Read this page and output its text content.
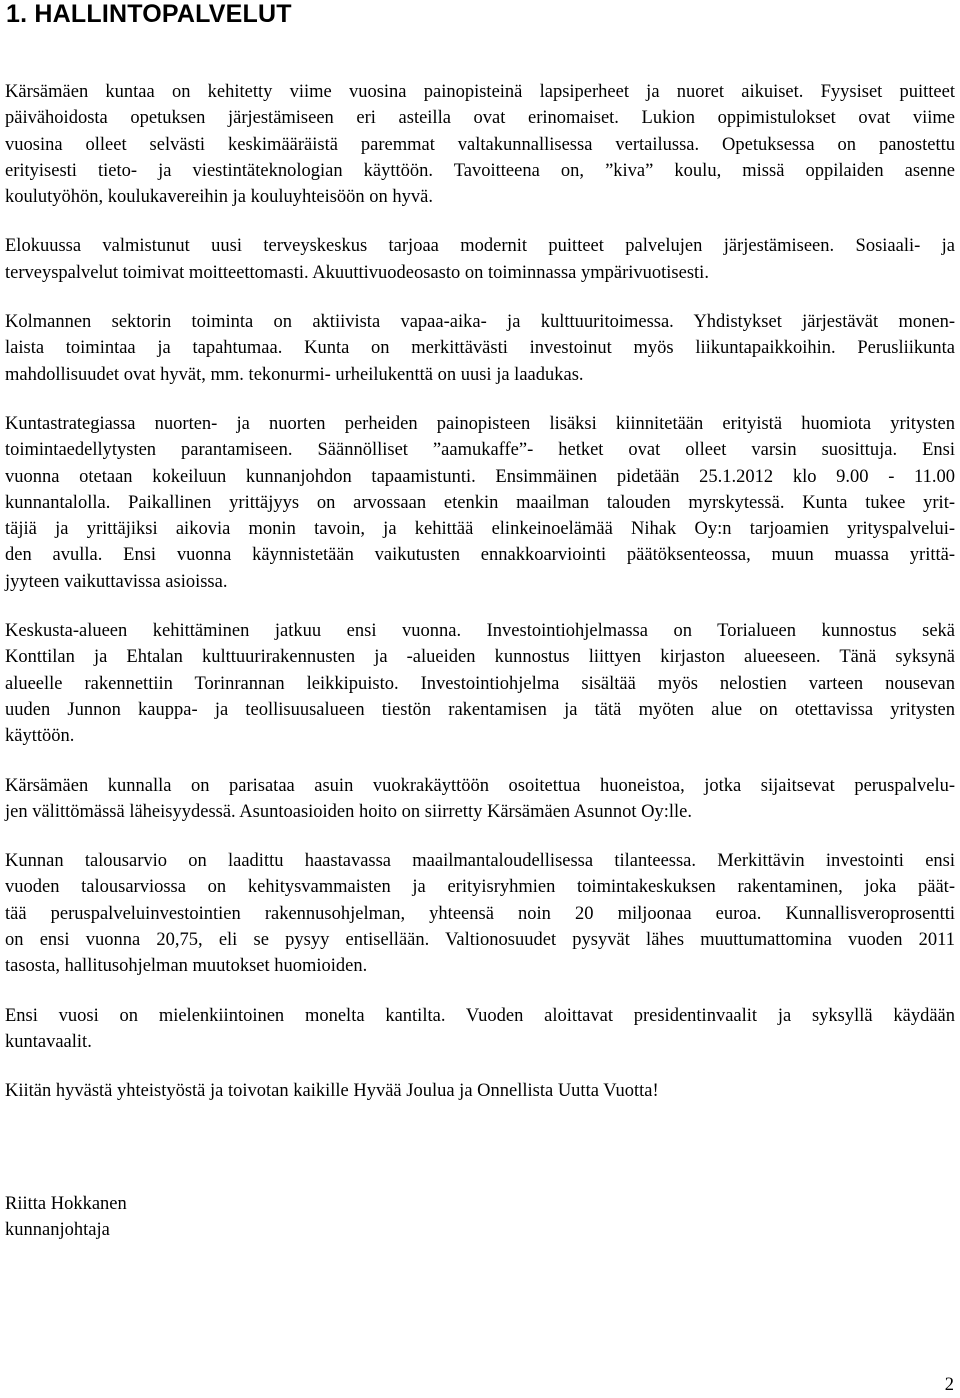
1. HALLINTOPALVELUT

Kärsämäen kuntaa on kehitetty viime vuosina painopisteinä lapsiperheet ja nuoret aikuiset. Fyysiset puitteet
päivähoidosta opetuksen järjestämiseen eri asteilla ovat erinomaiset. Lukion oppimistulokset ovat viime
vuosina olleet selvästi keskimääräistä paremmat valtakunnallisessa vertailussa. Opetuksessa on panostettu
erityisesti tieto- ja viestintäteknologian käyttöön. Tavoitteena on, ”kiva” koulu, missä oppilaiden asenne
koulutyöhön, koulukavereihin ja kouluyhteisöön on hyvä.

Elokuussa valmistunut uusi terveyskeskus tarjoaa modernit puitteet palvelujen järjestämiseen. Sosiaali- ja
terveyspalvelut toimivat moitteettomasti. Akuuttivuodeosasto on toiminnassa ympärivuotisesti.

Kolmannen sektorin toiminta on aktiivista vapaa-aika- ja kulttuuritoimessa. Yhdistykset järjestävät monen-
laista toimintaa ja tapahtumaa. Kunta on merkittävästi investoinut myös liikuntapaikkoihin. Perusliikunta
mahdollisuudet ovat hyvät, mm. tekonurmi- urheilukenttä on uusi ja laadukas.

Kuntastrategiassa nuorten- ja nuorten perheiden painopisteen lisäksi kiinnitetään erityistä huomiota yritysten
toimintaedellytysten parantamiseen. Säännölliset ”aamukaffe”- hetket ovat olleet varsin suosittuja. Ensi
vuonna otetaan kokeiluun kunnanjohdon tapaamistunti. Ensimmäinen pidetään 25.1.2012 klo 9.00 - 11.00
kunnantalolla. Paikallinen yrittäjyys on arvossaan etenkin maailman talouden myrskytessä. Kunta tukee yrit-
täjiä ja yrittäjiksi aikovia monin tavoin, ja kehittää elinkeinoelämää Nihak Oy:n tarjoamien yrityspalvelui-
den avulla. Ensi vuonna käynnistetään vaikutusten ennakkoarviointi päätöksenteossa, muun muassa yrittä-
jyyteen vaikuttavissa asioissa.

Keskusta-alueen kehittäminen jatkuu ensi vuonna. Investointiohjelmassa on Torialueen kunnostus sekä
Konttilan ja Ehtalan kulttuurirakennusten ja -alueiden kunnostus liittyen kirjaston alueeseen. Tänä syksynä
alueelle rakennettiin Torinrannan leikkipuisto. Investointiohjelma sisältää myös nelostien varteen nousevan
uuden Junnon kauppa- ja teollisuusalueen tiestön rakentamisen ja tätä myöten alue on otettavissa yritysten
käyttöön.

Kärsämäen kunnalla on parisataa asuin vuokrakäyttöön osoitettua huoneistoa, jotka sijaitsevat peruspalvelu-
jen välittömässä läheisyydessä. Asuntoasioiden hoito on siirretty Kärsämäen Asunnot Oy:lle.

Kunnan talousarvio on laadittu haastavassa maailmantaloudellisessa tilanteessa. Merkittävin investointi ensi
vuoden talousarviossa on kehitysvammaisten ja erityisryhmien toimintakeskuksen rakentaminen, joka päät-
tää peruspalveluinvestointien rakennusohjelman, yhteensä noin 20 miljoonaa euroa. Kunnallisveroprosentti
on ensi vuonna 20,75, eli se pysyy entisellään. Valtionosuudet pysyvät lähes muuttumattomina vuoden 2011
tasosta, hallitusohjelman muutokset huomioiden.

Ensi vuosi on mielenkiintoinen monelta kantilta. Vuoden aloittavat presidentinvaalit ja syksyllä käydään
kuntavaalit.

Kiitän hyvästä yhteistyöstä ja toivotan kaikille Hyvää Joulua ja Onnellista Uutta Vuotta!

Riitta Hokkanen
kunnanjohtaja
2
